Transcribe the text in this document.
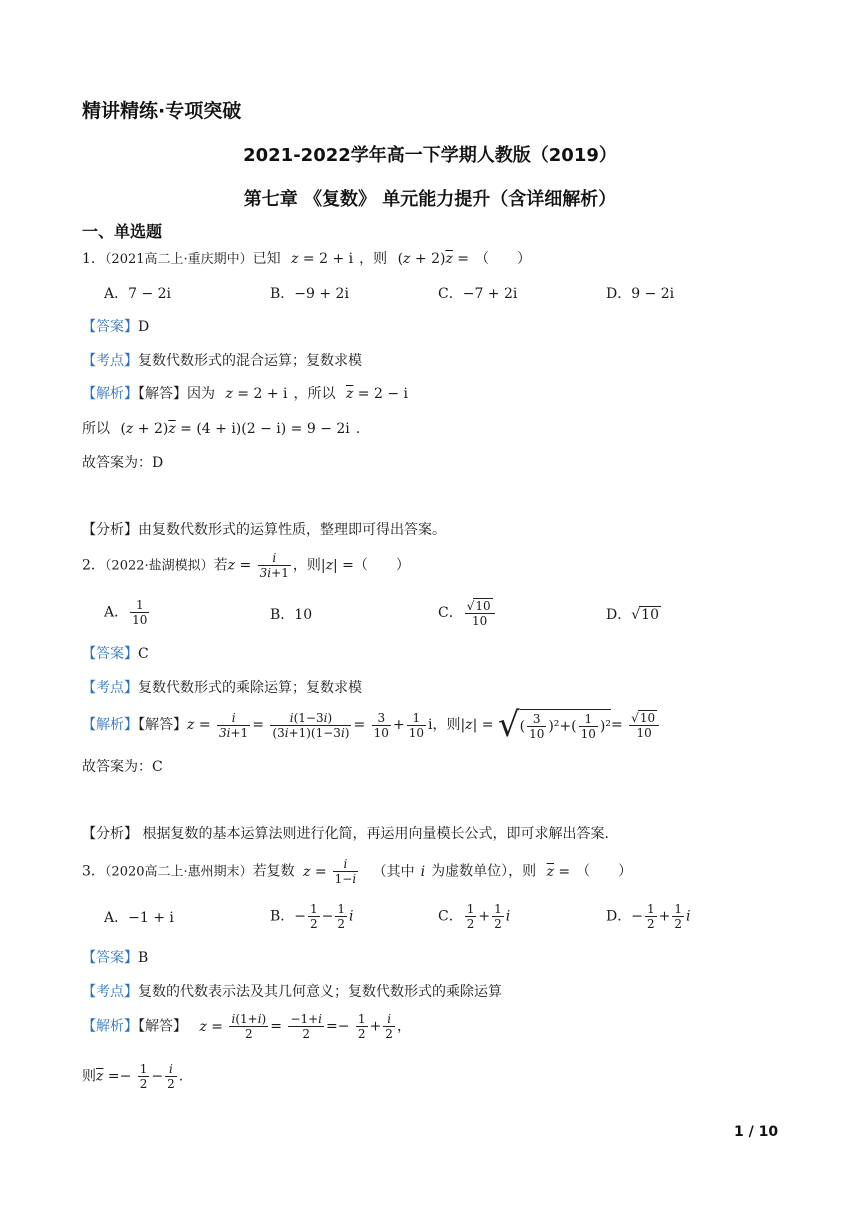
精讲精练·专项突破
2021-2022学年高一下学期人教版（2019）
第七章 《复数》 单元能力提升（含详细解析）
一、单选题
1．（2021高二上·重庆期中）已知 z = 2 + i ，则 $(z + 2)\overline{z}$ = （　　）
A．7 − 2i	B．−9 + 2i	C．−7 + 2i	D．9 − 2i
【答案】D
【考点】复数代数形式的混合运算；复数求模
【解析】【解答】因为 z = 2 + i ，所以 $\overline{z} = 2 - i$
所以 $(z + 2)\overline{z} = (4 + i)(2 - i) = 9 - 2i$ .
故答案为：D
【分析】由复数代数形式的运算性质，整理即可得出答案。
2．（2022·盐湖模拟）若$z = \frac{i}{3i+1}$ ，则|z| =（　　）
A． $\frac{1}{10}$	B．10	C． $\frac{√10}{10}$	D．√10
【答案】C
【考点】复数代数形式的乘除运算；复数求模
【解析】【解答】$z = \frac{i}{3i+1} = \frac{i(1-3i)}{(3i+1)(1-3i)} = \frac{3}{10} + \frac{1}{10}$ i，则|z| = √( $\frac{3}{10} )^2+( \frac{1}{10} )^2= \frac{√10}{10}$
故答案为：C
【分析】 根据复数的基本运算法则进行化简，再运用向量模长公式，即可求解出答案.
3．（2020高二上·惠州期末）若复数 $z = \frac{i}{1-i}$ （其中 i 为虚数单位），则 $\overline{z}$ = （　　）
A．−1 + i	B．− $\frac{1}{2} - \frac{1}{2}$ i	C． $\frac{1}{2} + \frac{1}{2}$ i	D．− $\frac{1}{2} + \frac{1}{2}$ i
【答案】B
【考点】复数的代数表示法及其几何意义；复数代数形式的乘除运算
【解析】【解答】 $z = \frac{i(1+i)}{2} = \frac{-1+i}{2} =- \frac{1}{2} + \frac{i}{2}$ ，
则$\overline{z} =- \frac{1}{2} - \frac{i}{2}$ .
1 / 10
